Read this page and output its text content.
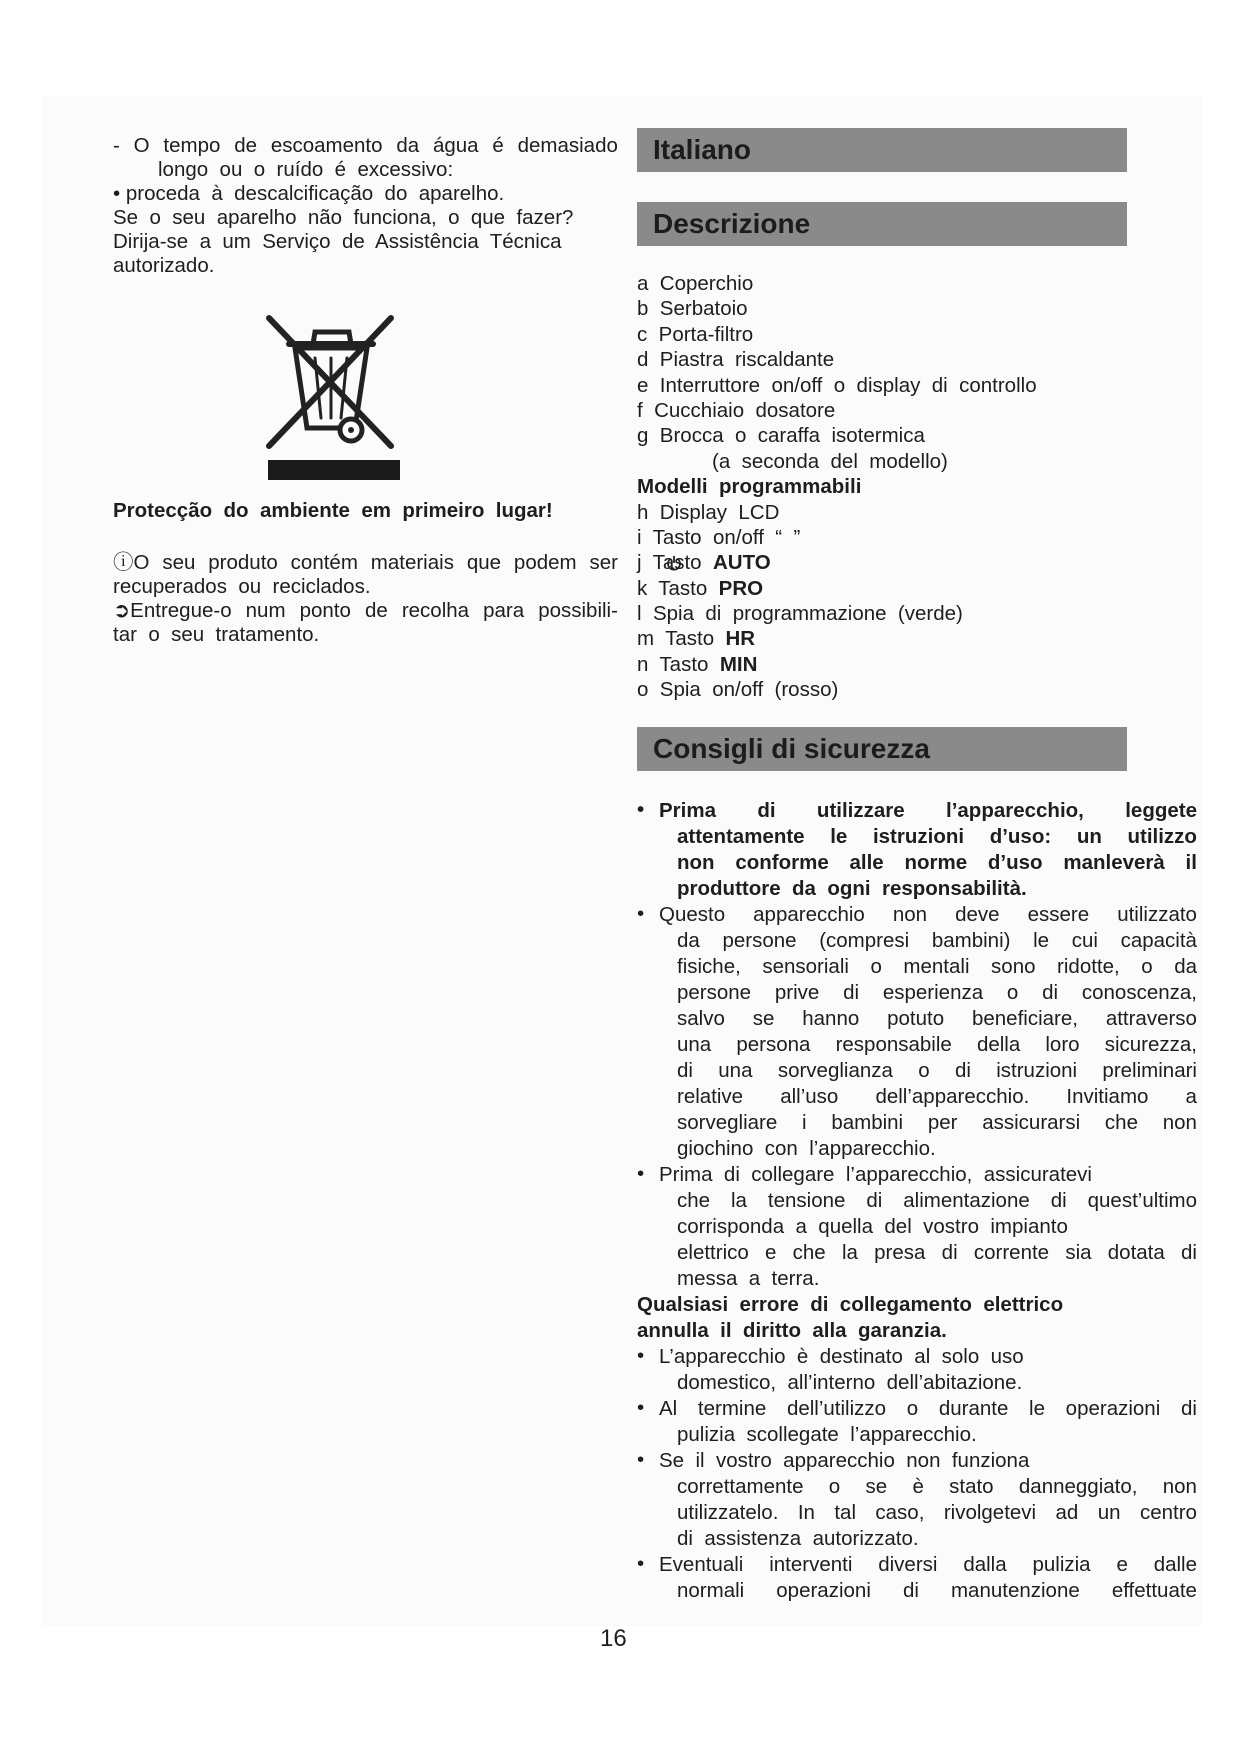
- O tempo de escoamento da água é demasiado
longo  ou  o  ruído  é  excessivo:
• proceda  à  descalcificação  do  aparelho.
Se  o  seu  aparelho  não  funciona,  o  que  fazer?
Dirija-se  a  um  Serviço  de  Assistência  Técnica
autorizado.
Protecção  do  ambiente  em  primeiro  lugar!
ⓘO seu produto contém materiais que podem ser
recuperados  ou  reciclados.
➲Entregue-o num ponto de recolha para possibili-
tar  o  seu  tratamento.
Italiano
Descrizione
a  Coperchio
b  Serbatoio
c  Porta-filtro
d  Piastra  riscaldante
e  Interruttore  on/off  o  display  di  controllo
f  Cucchiaio  dosatore
g  Brocca  o  caraffa  isotermica
(a  seconda  del  modello)
Modelli  programmabili
h  Display  LCD
i  Tasto  on/off  “  ”

j  Tasto  AUTO
k  Tasto  PRO
l  Spia  di  programmazione  (verde)
m  Tasto  HR
n  Tasto  MIN
o  Spia  on/off  (rosso)
Consigli di sicurezza
• Prima di utilizzare l’apparecchio, leggete
attentamente le istruzioni d’uso: un utilizzo
non conforme alle norme d’uso manleverà il
produttore  da  ogni  responsabilità.
• Questo apparecchio non deve essere utilizzato
da persone (compresi bambini) le cui capacità
fisiche, sensoriali o mentali sono ridotte, o da
persone prive di esperienza o di conoscenza,
salvo se hanno potuto beneficiare, attraverso
una persona responsabile della loro sicurezza,
di una sorveglianza o di istruzioni preliminari
relative all’uso dell’apparecchio. Invitiamo a
sorvegliare i bambini per assicurarsi che non
giochino  con  l’apparecchio.
• Prima  di  collegare  l’apparecchio,  assicuratevi
che la tensione di alimentazione di quest’ultimo
corrisponda  a  quella  del  vostro  impianto
elettrico e che la presa di corrente sia dotata di
messa  a  terra.
Qualsiasi  errore  di  collegamento  elettrico
annulla  il  diritto  alla  garanzia.
• L’apparecchio  è  destinato  al  solo  uso
domestico,  all’interno  dell’abitazione.
• Al termine dell’utilizzo o durante le operazioni di
pulizia  scollegate  l’apparecchio.
• Se  il  vostro  apparecchio  non  funziona
correttamente o se è stato danneggiato, non
utilizzatelo. In tal caso, rivolgetevi ad un centro
di  assistenza  autorizzato.
• Eventuali interventi diversi dalla pulizia e dalle
normali operazioni di manutenzione effettuate
16
